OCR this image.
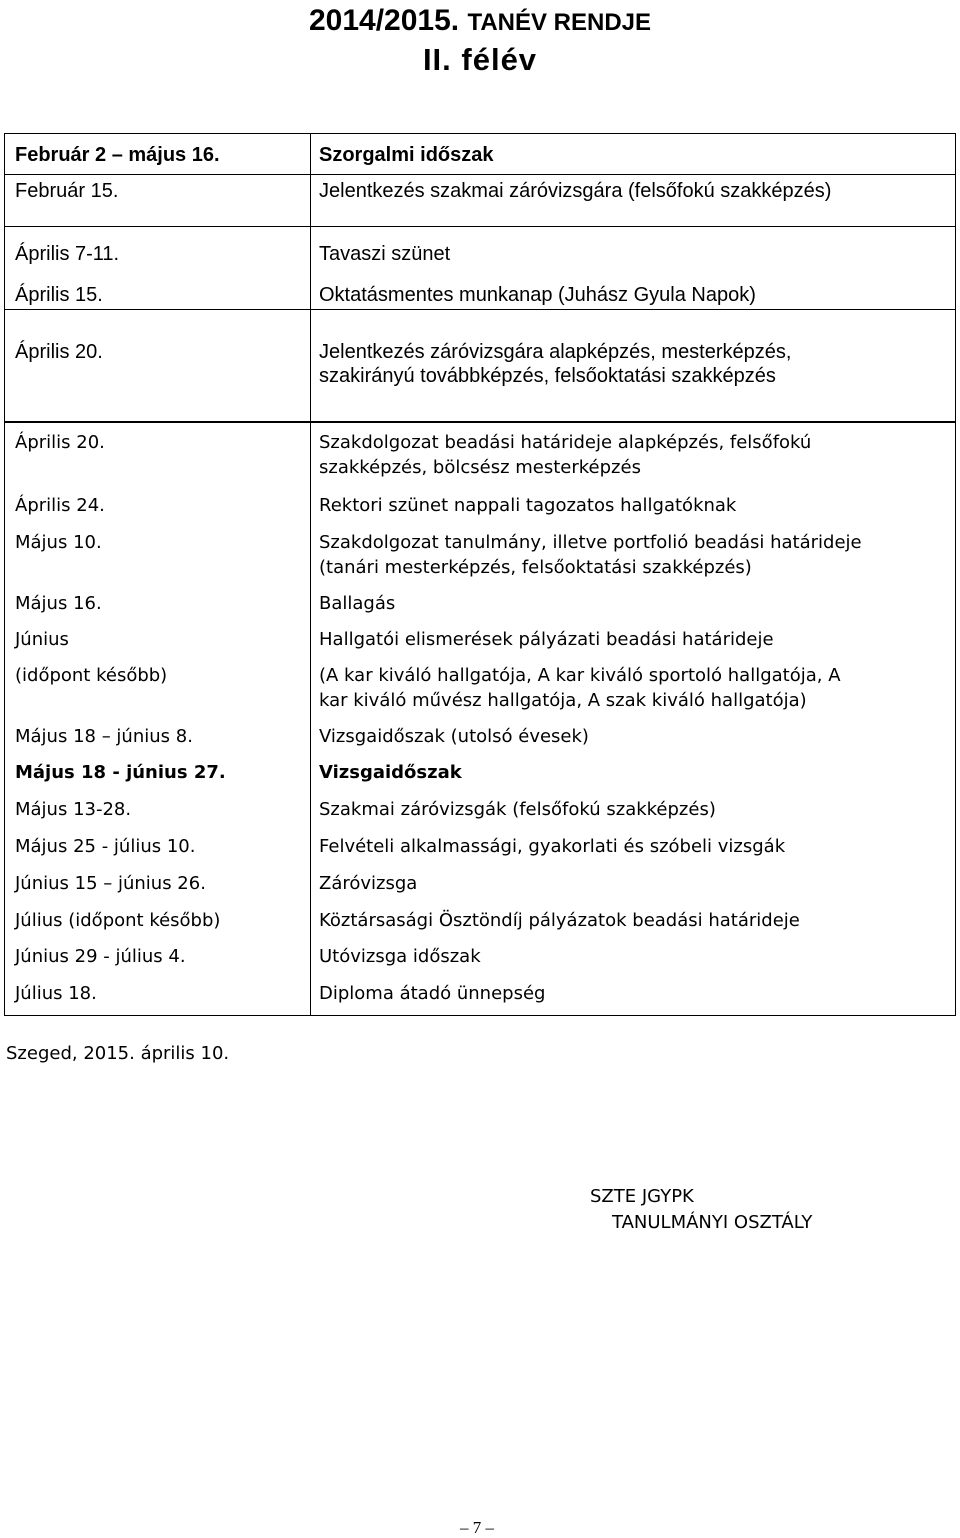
2014/2015. TANÉV RENDJE
II. félév
Február 2 – május 16.	Szorgalmi időszak
Február 15.	Jelentkezés szakmai záróvizsgára (felsőfokú szakképzés)
Április 7-11.	Tavaszi szünet
Április 15.	Oktatásmentes munkanap (Juhász Gyula Napok)
Április 20.	Jelentkezés záróvizsgára alapképzés, mesterképzés,
szakirányú továbbképzés, felsőoktatási szakképzés
Április 20.	Szakdolgozat beadási határideje alapképzés, felsőfokú
szakképzés, bölcsész mesterképzés
Április 24.	Rektori szünet nappali tagozatos hallgatóknak
Május 10.	Szakdolgozat tanulmány, illetve portfolió beadási határideje
(tanári mesterképzés, felsőoktatási szakképzés)
Május 16.	Ballagás
Június	Hallgatói elismerések pályázati beadási határideje
(időpont később)	(A kar kiváló hallgatója, A kar kiváló sportoló hallgatója, A
kar kiváló művész hallgatója, A szak kiváló hallgatója)
Május 18 – június 8.	Vizsgaidőszak (utolsó évesek)
Május 18 - június 27.	Vizsgaidőszak
Május 13-28.	Szakmai záróvizsgák (felsőfokú szakképzés)
Május 25 - július 10.	Felvételi alkalmassági, gyakorlati és szóbeli vizsgák
Június 15 – június 26.	Záróvizsga
Július (időpont később)	Köztársasági Ösztöndíj pályázatok beadási határideje
Június 29 - július 4.	Utóvizsga időszak
Július 18.	Diploma átadó ünnepség
Szeged, 2015. április 10.
SZTE JGYPK
TANULMÁNYI OSZTÁLY
– 7 –
